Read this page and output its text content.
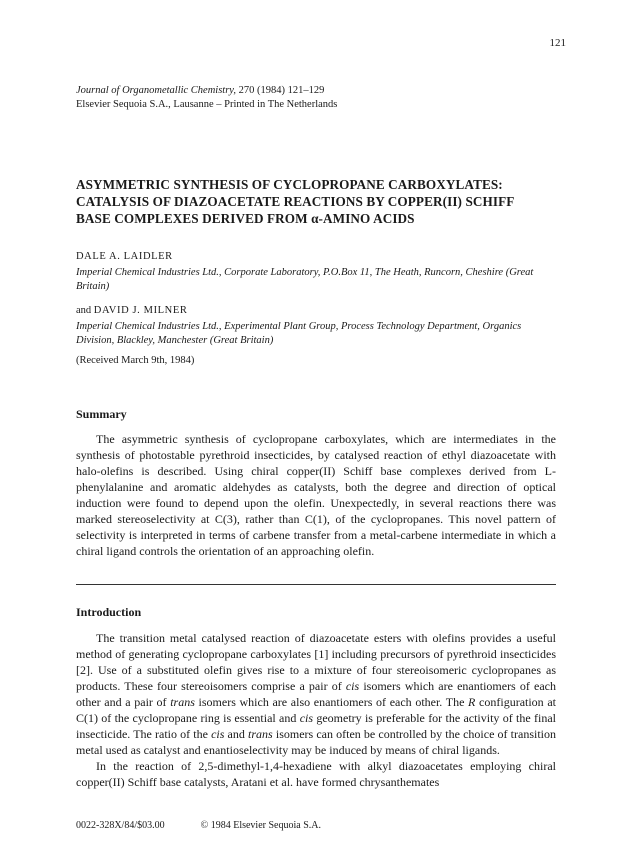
121
Journal of Organometallic Chemistry, 270 (1984) 121–129
Elsevier Sequoia S.A., Lausanne – Printed in The Netherlands
ASYMMETRIC SYNTHESIS OF CYCLOPROPANE CARBOXYLATES:
CATALYSIS OF DIAZOACETATE REACTIONS BY COPPER(II) SCHIFF
BASE COMPLEXES DERIVED FROM α-AMINO ACIDS

DALE A. LAIDLER

Imperial Chemical Industries Ltd., Corporate Laboratory, P.O.Box 11, The Heath, Runcorn, Cheshire (Great Britain)

and DAVID J. MILNER

Imperial Chemical Industries Ltd., Experimental Plant Group, Process Technology Department, Organics Division, Blackley, Manchester (Great Britain)

(Received March 9th, 1984)

Summary

The asymmetric synthesis of cyclopropane carboxylates, which are intermediates in the synthesis of photostable pyrethroid insecticides, by catalysed reaction of ethyl diazoacetate with halo-olefins is described. Using chiral copper(II) Schiff base complexes derived from L-phenylalanine and aromatic aldehydes as catalysts, both the degree and direction of optical induction were found to depend upon the olefin. Unexpectedly, in several reactions there was marked stereoselectivity at C(3), rather than C(1), of the cyclopropanes. This novel pattern of selectivity is interpreted in terms of carbene transfer from a metal-carbene intermediate in which a chiral ligand controls the orientation of an approaching olefin.

Introduction

The transition metal catalysed reaction of diazoacetate esters with olefins provides a useful method of generating cyclopropane carboxylates [1] including precursors of pyrethroid insecticides [2]. Use of a substituted olefin gives rise to a mixture of four stereoisomeric cyclopropanes as products. These four stereoisomers comprise a pair of cis isomers which are enantiomers of each other and a pair of trans isomers which are also enantiomers of each other. The R configuration at C(1) of the cyclopropane ring is essential and cis geometry is preferable for the activity of the final insecticide. The ratio of the cis and trans isomers can often be controlled by the choice of transition metal used as catalyst and enantioselectivity may be induced by means of chiral ligands.

In the reaction of 2,5-dimethyl-1,4-hexadiene with alkyl diazoacetates employing chiral copper(II) Schiff base catalysts, Aratani et al. have formed chrysanthemates

0022-328X/84/$03.00	© 1984 Elsevier Sequoia S.A.
